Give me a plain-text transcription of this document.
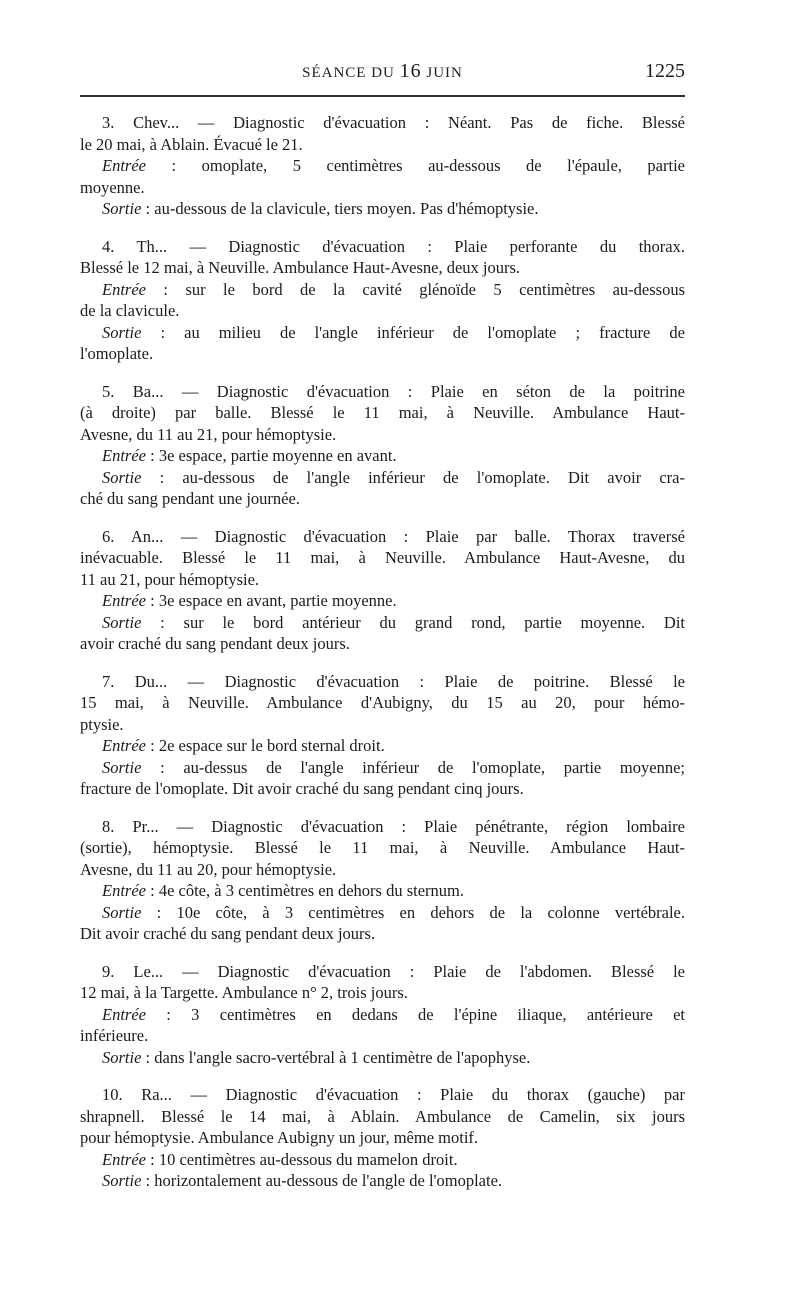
SÉANCE DU 16 JUIN	1225
3. Chev... — Diagnostic d'évacuation : Néant. Pas de fiche. Blessé
le 20 mai, à Ablain. Évacué le 21.
Entrée : omoplate, 5 centimètres au-dessous de l'épaule, partie
moyenne.
Sortie : au-dessous de la clavicule, tiers moyen. Pas d'hémoptysie.
4. Th... — Diagnostic d'évacuation : Plaie perforante du thorax.
Blessé le 12 mai, à Neuville. Ambulance Haut-Avesne, deux jours.
Entrée : sur le bord de la cavité glénoïde 5 centimètres au-dessous
de la clavicule.
Sortie : au milieu de l'angle inférieur de l'omoplate ; fracture de
l'omoplate.
5. Ba... — Diagnostic d'évacuation : Plaie en séton de la poitrine
(à droite) par balle. Blessé le 11 mai, à Neuville. Ambulance Haut-
Avesne, du 11 au 21, pour hémoptysie.
Entrée : 3e espace, partie moyenne en avant.
Sortie : au-dessous de l'angle inférieur de l'omoplate. Dit avoir cra-
ché du sang pendant une journée.
6. An... — Diagnostic d'évacuation : Plaie par balle. Thorax traversé
inévacuable. Blessé le 11 mai, à Neuville. Ambulance Haut-Avesne, du
11 au 21, pour hémoptysie.
Entrée : 3e espace en avant, partie moyenne.
Sortie : sur le bord antérieur du grand rond, partie moyenne. Dit
avoir craché du sang pendant deux jours.
7. Du... — Diagnostic d'évacuation : Plaie de poitrine. Blessé le
15 mai, à Neuville. Ambulance d'Aubigny, du 15 au 20, pour hémo-
ptysie.
Entrée : 2e espace sur le bord sternal droit.
Sortie : au-dessus de l'angle inférieur de l'omoplate, partie moyenne;
fracture de l'omoplate. Dit avoir craché du sang pendant cinq jours.
8. Pr... — Diagnostic d'évacuation : Plaie pénétrante, région lombaire
(sortie), hémoptysie. Blessé le 11 mai, à Neuville. Ambulance Haut-
Avesne, du 11 au 20, pour hémoptysie.
Entrée : 4e côte, à 3 centimètres en dehors du sternum.
Sortie : 10e côte, à 3 centimètres en dehors de la colonne vertébrale.
Dit avoir craché du sang pendant deux jours.
9. Le... — Diagnostic d'évacuation : Plaie de l'abdomen. Blessé le
12 mai, à la Targette. Ambulance n° 2, trois jours.
Entrée : 3 centimètres en dedans de l'épine iliaque, antérieure et
inférieure.
Sortie : dans l'angle sacro-vertébral à 1 centimètre de l'apophyse.
10. Ra... — Diagnostic d'évacuation : Plaie du thorax (gauche) par
shrapnell. Blessé le 14 mai, à Ablain. Ambulance de Camelin, six jours
pour hémoptysie. Ambulance Aubigny un jour, même motif.
Entrée : 10 centimètres au-dessous du mamelon droit.
Sortie : horizontalement au-dessous de l'angle de l'omoplate.
